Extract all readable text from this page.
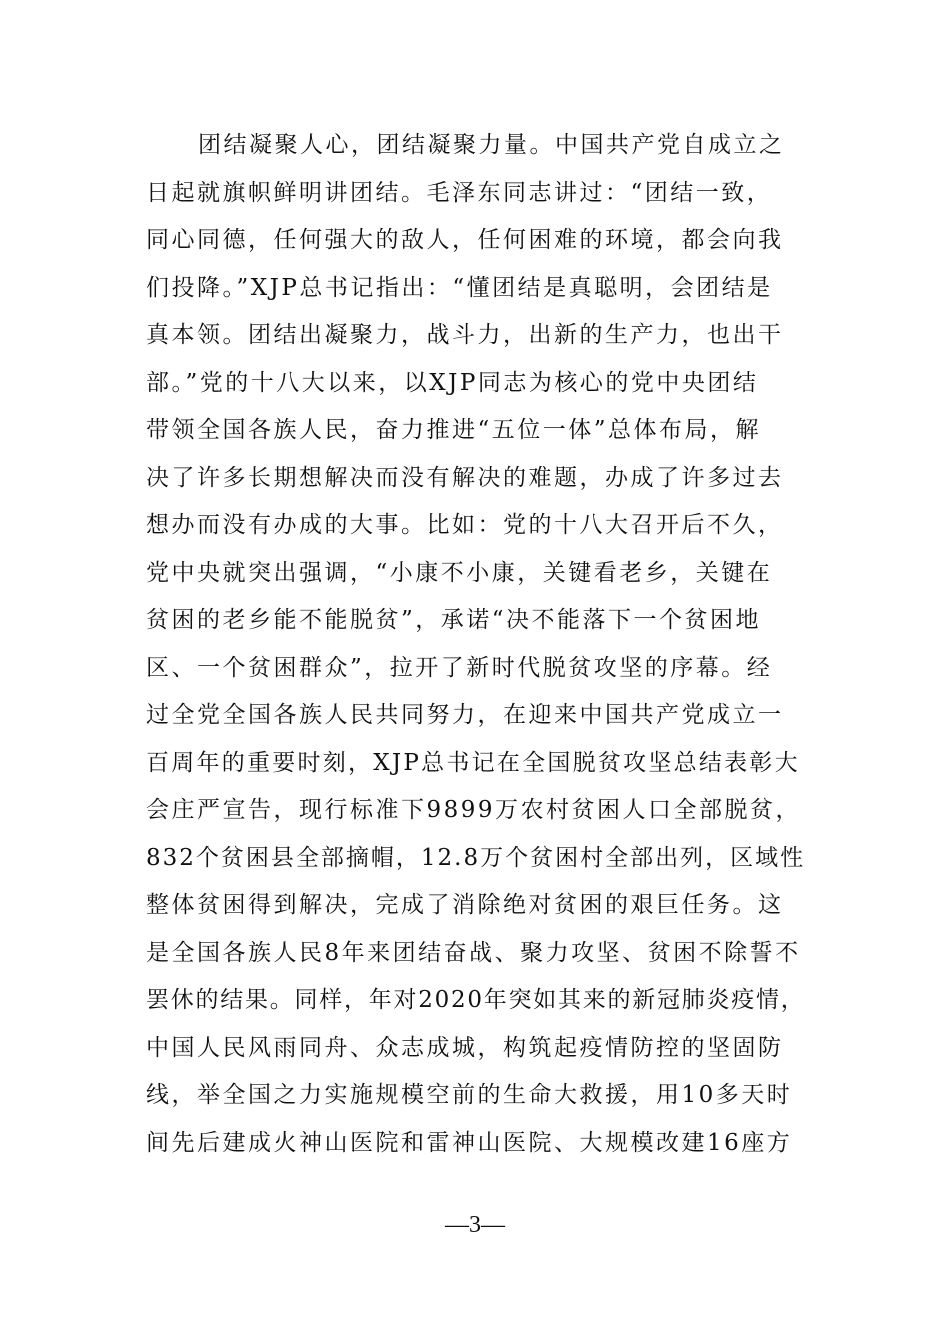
团结凝聚人心，团结凝聚力量。中国共产党自成立之
日起就旗帜鲜明讲团结。毛泽东同志讲过：“团结一致，
同心同德，任何强大的敌人，任何困难的环境，都会向我
们投降。”XJP总书记指出：“懂团结是真聪明，会团结是
真本领。团结出凝聚力，战斗力，出新的生产力，也出干
部。”党的十八大以来，以XJP同志为核心的党中央团结
带领全国各族人民，奋力推进“五位一体”总体布局，解
决了许多长期想解决而没有解决的难题，办成了许多过去
想办而没有办成的大事。比如：党的十八大召开后不久，
党中央就突出强调，“小康不小康，关键看老乡，关键在
贫困的老乡能不能脱贫”，承诺“决不能落下一个贫困地
区、一个贫困群众”，拉开了新时代脱贫攻坚的序幕。经
过全党全国各族人民共同努力，在迎来中国共产党成立一
百周年的重要时刻，XJP总书记在全国脱贫攻坚总结表彰大
会庄严宣告，现行标准下9899万农村贫困人口全部脱贫，
832个贫困县全部摘帽，12.8万个贫困村全部出列，区域性
整体贫困得到解决，完成了消除绝对贫困的艰巨任务。这
是全国各族人民8年来团结奋战、聚力攻坚、贫困不除誓不
罢休的结果。同样，年对2020年突如其来的新冠肺炎疫情，
中国人民风雨同舟、众志成城，构筑起疫情防控的坚固防
线，举全国之力实施规模空前的生命大救援，用10多天时
间先后建成火神山医院和雷神山医院、大规模改建16座方
—3—
